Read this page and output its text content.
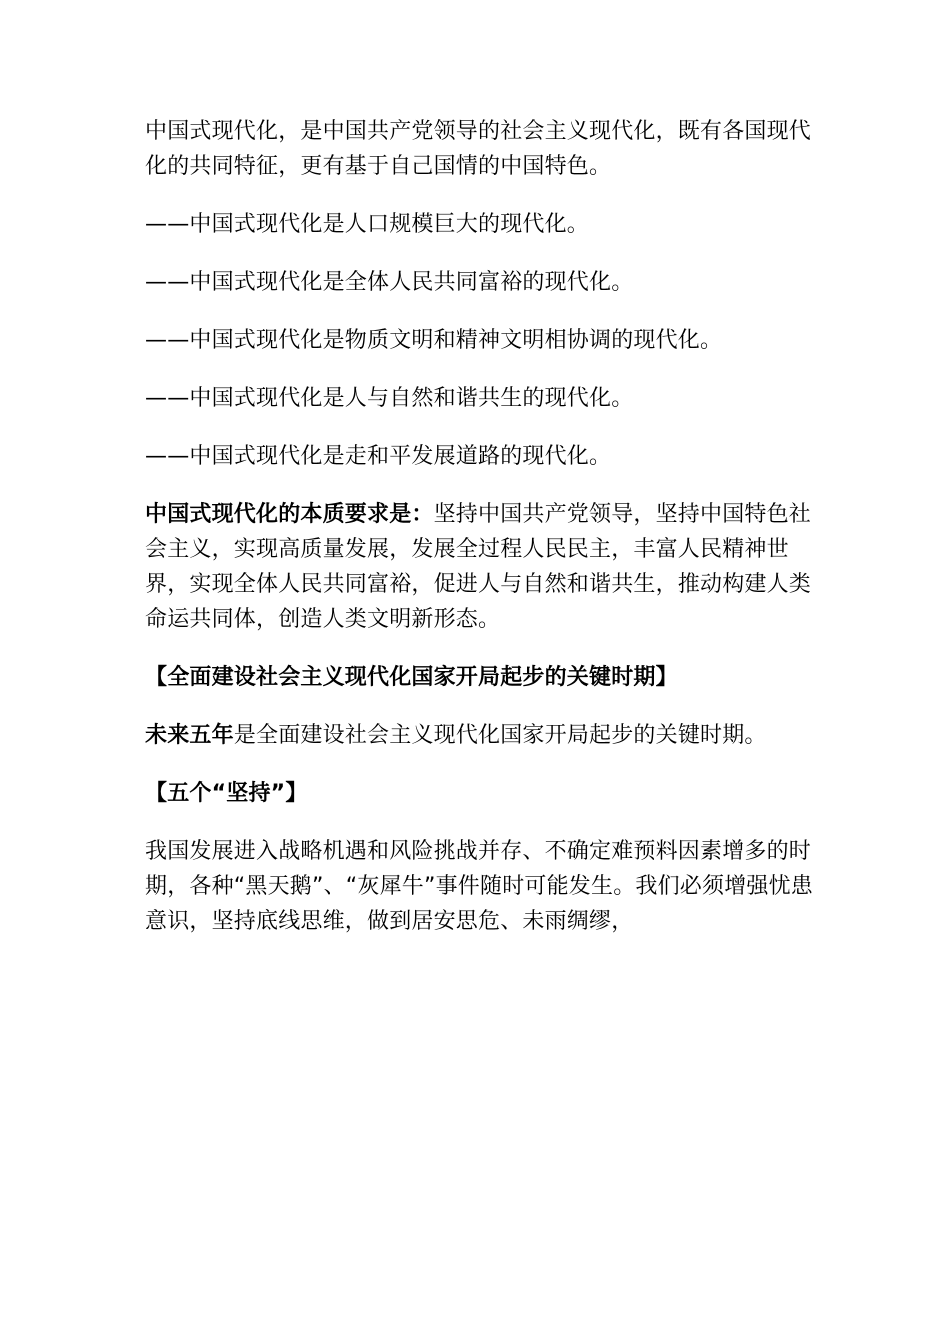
中国式现代化，是中国共产党领导的社会主义现代化，既有各国现代化的共同特征，更有基于自己国情的中国特色。

——中国式现代化是人口规模巨大的现代化。

——中国式现代化是全体人民共同富裕的现代化。

——中国式现代化是物质文明和精神文明相协调的现代化。

——中国式现代化是人与自然和谐共生的现代化。

——中国式现代化是走和平发展道路的现代化。

中国式现代化的本质要求是：坚持中国共产党领导，坚持中国特色社会主义，实现高质量发展，发展全过程人民民主，丰富人民精神世界，实现全体人民共同富裕，促进人与自然和谐共生，推动构建人类命运共同体，创造人类文明新形态。

【全面建设社会主义现代化国家开局起步的关键时期】

未来五年是全面建设社会主义现代化国家开局起步的关键时期。

【五个“坚持”】

我国发展进入战略机遇和风险挑战并存、不确定难预料因素增多的时期，各种“黑天鹅”、“灰犀牛”事件随时可能发生。我们必须增强忧患意识，坚持底线思维，做到居安思危、未雨绸缪，
